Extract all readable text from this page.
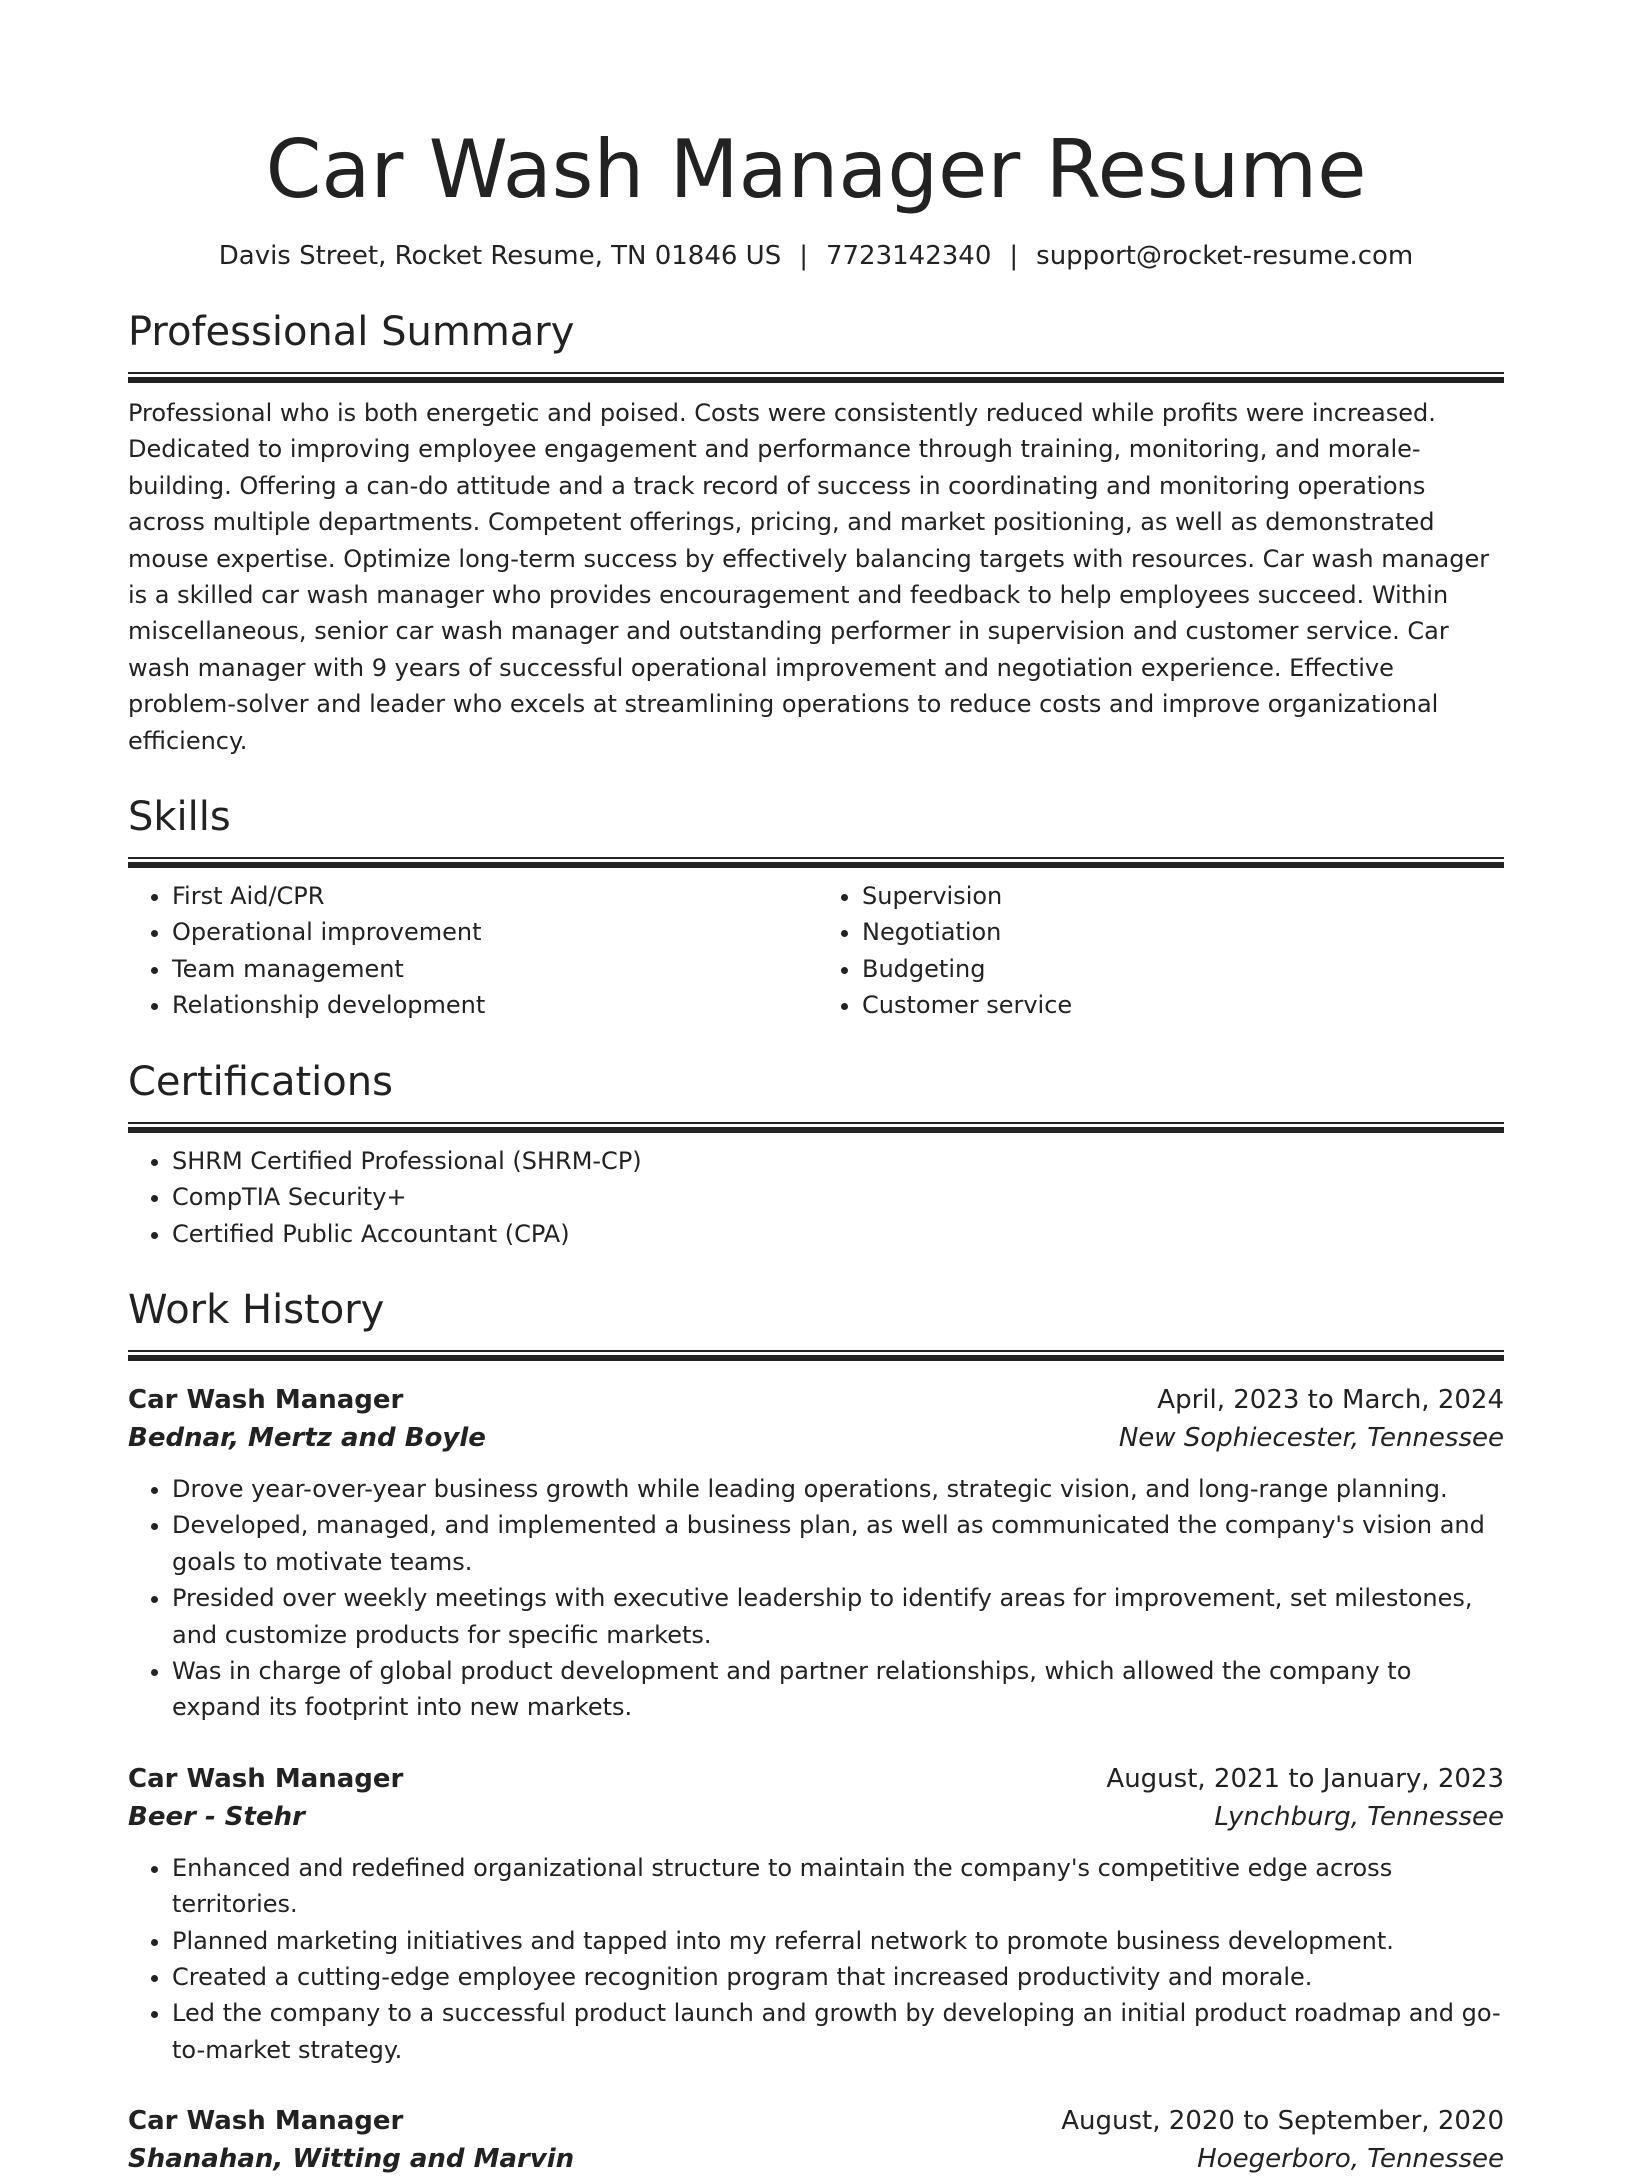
Car Wash Manager Resume
Davis Street, Rocket Resume, TN 01846 US | 7723142340 | support@rocket-resume.com
Professional Summary

Professional who is both energetic and poised. Costs were consistently reduced while profits were increased. Dedicated to improving employee engagement and performance through training, monitoring, and morale-building. Offering a can-do attitude and a track record of success in coordinating and monitoring operations across multiple departments. Competent offerings, pricing, and market positioning, as well as demonstrated mouse expertise. Optimize long-term success by effectively balancing targets with resources. Car wash manager is a skilled car wash manager who provides encouragement and feedback to help employees succeed. Within miscellaneous, senior car wash manager and outstanding performer in supervision and customer service. Car wash manager with 9 years of successful operational improvement and negotiation experience. Effective problem-solver and leader who excels at streamlining operations to reduce costs and improve organizational efficiency.

Skills
• First Aid/CPR
• Operational improvement
• Team management
• Relationship development
• Supervision
• Negotiation
• Budgeting
• Customer service
Certifications
• SHRM Certified Professional (SHRM-CP)
• CompTIA Security+
• Certified Public Accountant (CPA)
Work History
Car Wash Manager	April, 2023 to March, 2024
Bednar, Mertz and Boyle	New Sophiecester, Tennessee
• Drove year-over-year business growth while leading operations, strategic vision, and long-range planning.
• Developed, managed, and implemented a business plan, as well as communicated the company's vision and goals to motivate teams.
• Presided over weekly meetings with executive leadership to identify areas for improvement, set milestones, and customize products for specific markets.
• Was in charge of global product development and partner relationships, which allowed the company to expand its footprint into new markets.
Car Wash Manager	August, 2021 to January, 2023
Beer - Stehr	Lynchburg, Tennessee
• Enhanced and redefined organizational structure to maintain the company's competitive edge across territories.
• Planned marketing initiatives and tapped into my referral network to promote business development.
• Created a cutting-edge employee recognition program that increased productivity and morale.
• Led the company to a successful product launch and growth by developing an initial product roadmap and go-to-market strategy.
Car Wash Manager	August, 2020 to September, 2020
Shanahan, Witting and Marvin	Hoegerboro, Tennessee
